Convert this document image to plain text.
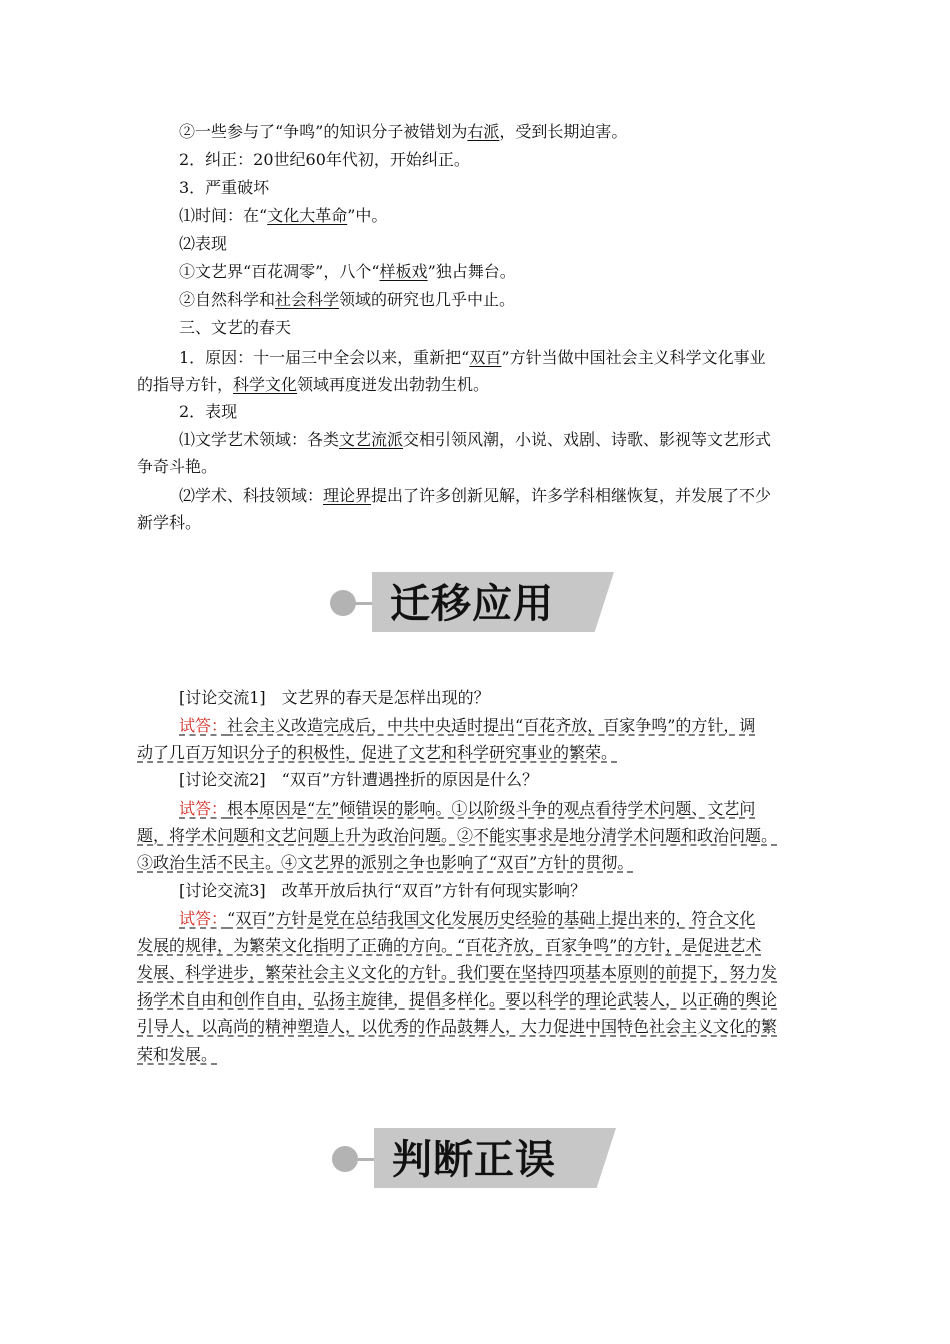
②一些参与了“争鸣”的知识分子被错划为右派，受到长期迫害。
2．纠正：20世纪60年代初，开始纠正。
3．严重破坏
⑴时间：在“文化大革命”中。
⑵表现
①文艺界“百花凋零”，八个“样板戏”独占舞台。
②自然科学和社会科学领域的研究也几乎中止。
三、文艺的春天
1．原因：十一届三中全会以来，重新把“双百”方针当做中国社会主义科学文化事业
的指导方针，科学文化领域再度迸发出勃勃生机。
2．表现
⑴文学艺术领域：各类文艺流派交相引领风潮，小说、戏剧、诗歌、影视等文艺形式
争奇斗艳。
⑵学术、科技领域：理论界提出了许多创新见解，许多学科相继恢复，并发展了不少
新学科。
迁移应用
[讨论交流1]　文艺界的春天是怎样出现的？
试答：社会主义改造完成后，中共中央适时提出“百花齐放，百家争鸣”的方针，调
动了几百万知识分子的积极性，促进了文艺和科学研究事业的繁荣。
[讨论交流2]　“双百”方针遭遇挫折的原因是什么？
试答：根本原因是“左”倾错误的影响。①以阶级斗争的观点看待学术问题、文艺问
题，将学术问题和文艺问题上升为政治问题。②不能实事求是地分清学术问题和政治问题。
③政治生活不民主。④文艺界的派别之争也影响了“双百”方针的贯彻。
[讨论交流3]　改革开放后执行“双百”方针有何现实影响？
试答：“双百”方针是党在总结我国文化发展历史经验的基础上提出来的，符合文化
发展的规律，为繁荣文化指明了正确的方向。“百花齐放，百家争鸣”的方针，是促进艺术
发展、科学进步，繁荣社会主义文化的方针。我们要在坚持四项基本原则的前提下，努力发
扬学术自由和创作自由，弘扬主旋律，提倡多样化。要以科学的理论武装人，以正确的舆论
引导人，以高尚的精神塑造人，以优秀的作品鼓舞人，大力促进中国特色社会主义文化的繁
荣和发展。
判断正误
